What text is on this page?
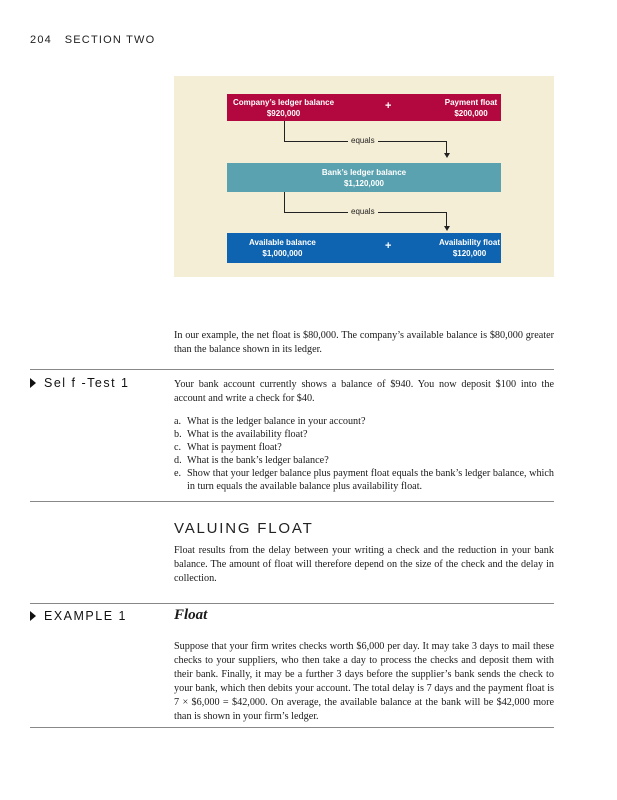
204 SECTION TWO
Company’s ledger balance
$920,000
+	Payment float
$200,000
equals
Bank’s ledger balance
$1,120,000
equals
Available balance
$1,000,000
+	Availability float
$120,000
In our example, the net float is $80,000. The company’s available balance is $80,000 greater than the balance shown in its ledger.
Sel f -Test 1	Your bank account currently shows a balance of $940. You now deposit $100 into the account and write a check for $40.
a. What is the ledger balance in your account?
b. What is the availability float?
c. What is payment float?
d. What is the bank’s ledger balance?
e. Show that your ledger balance plus payment float equals the bank’s ledger balance, which in turn equals the available balance plus availability float.
VALUING FLOAT
Float results from the delay between your writing a check and the reduction in your bank balance. The amount of float will therefore depend on the size of the check and the delay in collection.
EXAMPLE 1	Float
Suppose that your firm writes checks worth $6,000 per day. It may take 3 days to mail these checks to your suppliers, who then take a day to process the checks and deposit them with their bank. Finally, it may be a further 3 days before the supplier’s bank sends the check to your bank, which then debits your account. The total delay is 7 days and the payment float is 7 × $6,000 = $42,000. On average, the available balance at the bank will be $42,000 more than is shown in your firm’s ledger.
